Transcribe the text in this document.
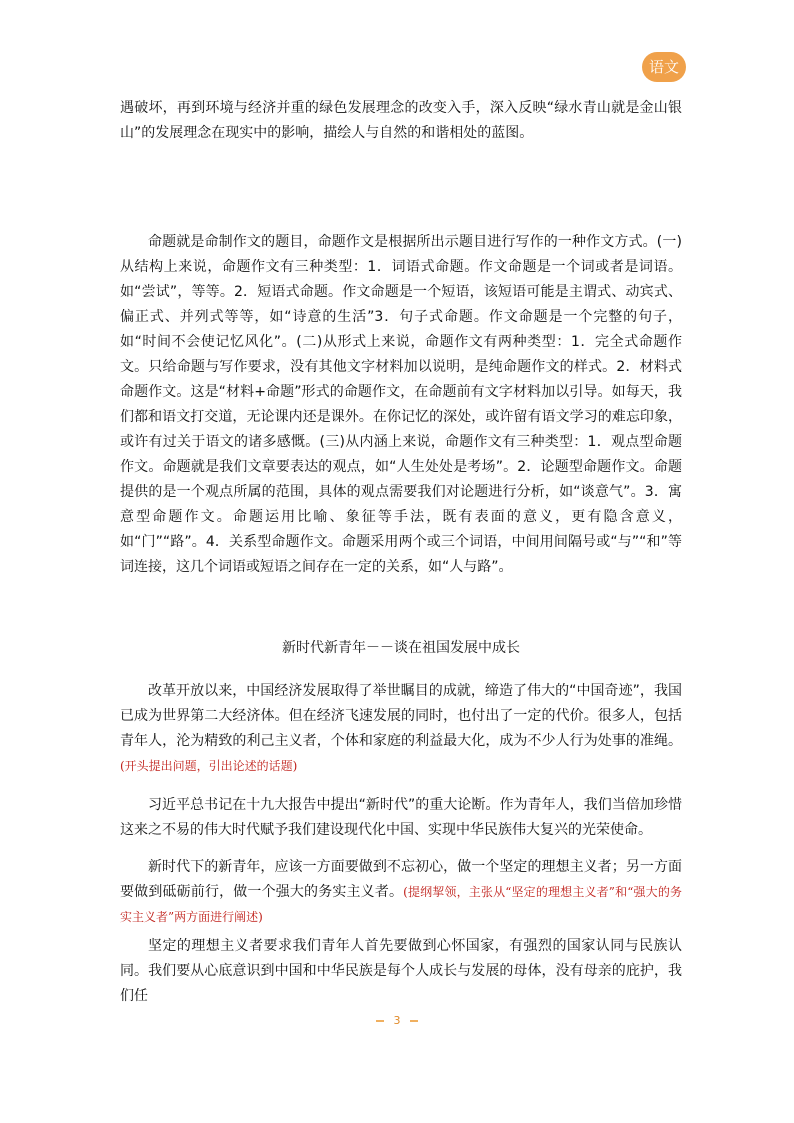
语文

遇破坏，再到环境与经济并重的绿色发展理念的改变入手，深入反映“绿水青山就是金山银山”的发展理念在现实中的影响，描绘人与自然的和谐相处的蓝图。

命题就是命制作文的题目，命题作文是根据所出示题目进行写作的一种作文方式。(一)从结构上来说，命题作文有三种类型：1．词语式命题。作文命题是一个词或者是词语。如“尝试”，等等。2．短语式命题。作文命题是一个短语，该短语可能是主谓式、动宾式、偏正式、并列式等等，如“诗意的生活”3．句子式命题。作文命题是一个完整的句子，如“时间不会使记忆风化”。(二)从形式上来说，命题作文有两种类型：1．完全式命题作文。只给命题与写作要求，没有其他文字材料加以说明，是纯命题作文的样式。2．材料式命题作文。这是“材料+命题”形式的命题作文，在命题前有文字材料加以引导。如每天，我们都和语文打交道，无论课内还是课外。在你记忆的深处，或许留有语文学习的难忘印象，或许有过关于语文的诸多感慨。(三)从内涵上来说，命题作文有三种类型：1．观点型命题作文。命题就是我们文章要表达的观点，如“人生处处是考场”。2．论题型命题作文。命题提供的是一个观点所属的范围，具体的观点需要我们对论题进行分析，如“谈意气”。3．寓意型命题作文。命题运用比喻、象征等手法，既有表面的意义，更有隐含意义，如“门”“路”。4．关系型命题作文。命题采用两个或三个词语，中间用间隔号或“与”“和”等词连接，这几个词语或短语之间存在一定的关系，如“人与路”。

新时代新青年－－谈在祖国发展中成长

改革开放以来，中国经济发展取得了举世瞩目的成就，缔造了伟大的“中国奇迹”，我国已成为世界第二大经济体。但在经济飞速发展的同时，也付出了一定的代价。很多人，包括青年人，沦为精致的利己主义者，个体和家庭的利益最大化，成为不少人行为处事的准绳。(开头提出问题，引出论述的话题)

习近平总书记在十九大报告中提出“新时代”的重大论断。作为青年人，我们当倍加珍惜这来之不易的伟大时代赋予我们建设现代化中国、实现中华民族伟大复兴的光荣使命。

新时代下的新青年，应该一方面要做到不忘初心，做一个坚定的理想主义者；另一方面要做到砥砺前行，做一个强大的务实主义者。(提纲挈领，主张从“坚定的理想主义者”和“强大的务实主义者”两方面进行阐述)

坚定的理想主义者要求我们青年人首先要做到心怀国家，有强烈的国家认同与民族认同。我们要从心底意识到中国和中华民族是每个人成长与发展的母体，没有母亲的庇护，我们任

3
